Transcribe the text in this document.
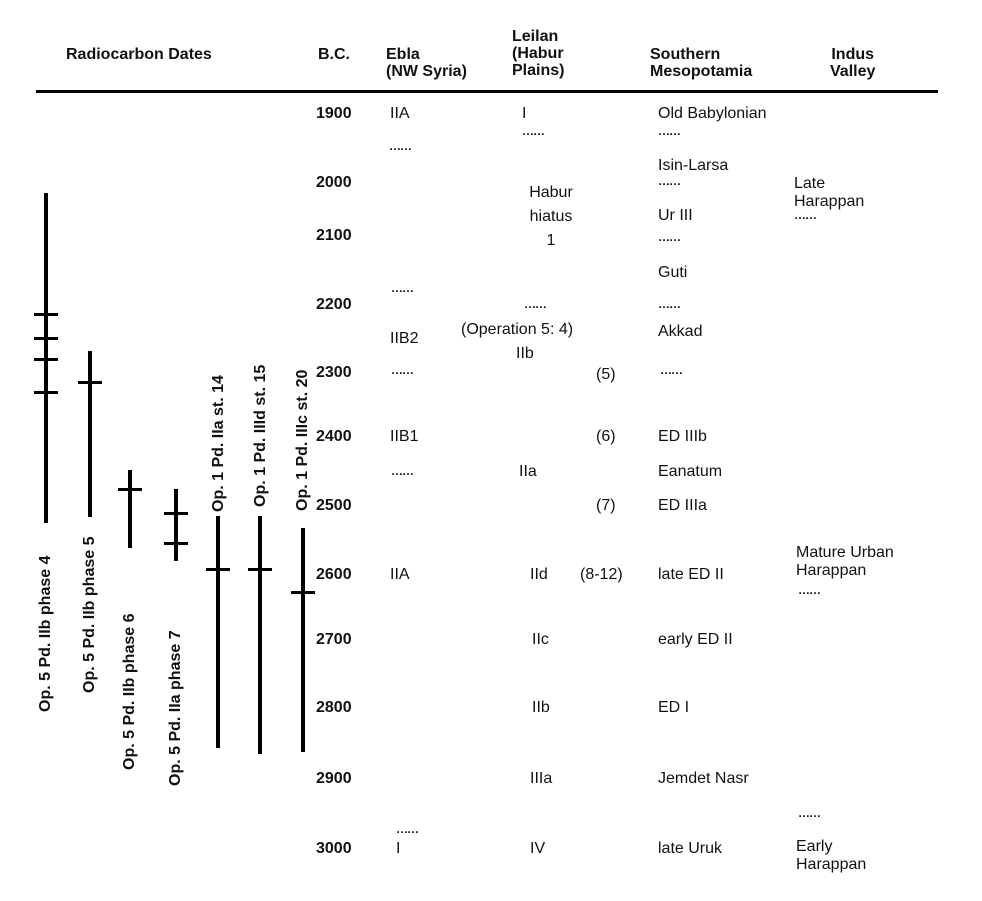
Radiocarbon Dates	B.C. Ebla
(NW Syria)
Leilan
(Habur
Plains)
Southern
Mesopotamia
Indus
Valley
1900
2000
2100
2200
2300
2400
2500
2600
2700
2800
2900
3000
IIA
……
……
IIB2
……
IIB1
……
IIA
……
I
I
……
Habur
hiatus
1
……
(Operation 5: 4)
IIb
(5)
(6)
IIa
(7)
IId (8-12)
IIc
IIb
IIIa
IV
Old Babylonian
……
Isin-Larsa
……
Ur III
……
Guti
……
Akkad
……
ED IIIb
Eanatum
ED IIIa
late ED II
early ED II
ED I
Jemdet Nasr
late Uruk
Late
Harappan
……
Mature Urban
Harappan
……
……
Early
Harappan
Op. 5 Pd. IIb phase 4 Op. 5 Pd. IIb phase 5 Op. 5 Pd. IIb phase 6 Op. 5 Pd. IIa phase 7
Op. 1 Pd. IIa st. 14 Op. 1 Pd. IIId st. 15 Op. 1 Pd. IIIc st. 20
